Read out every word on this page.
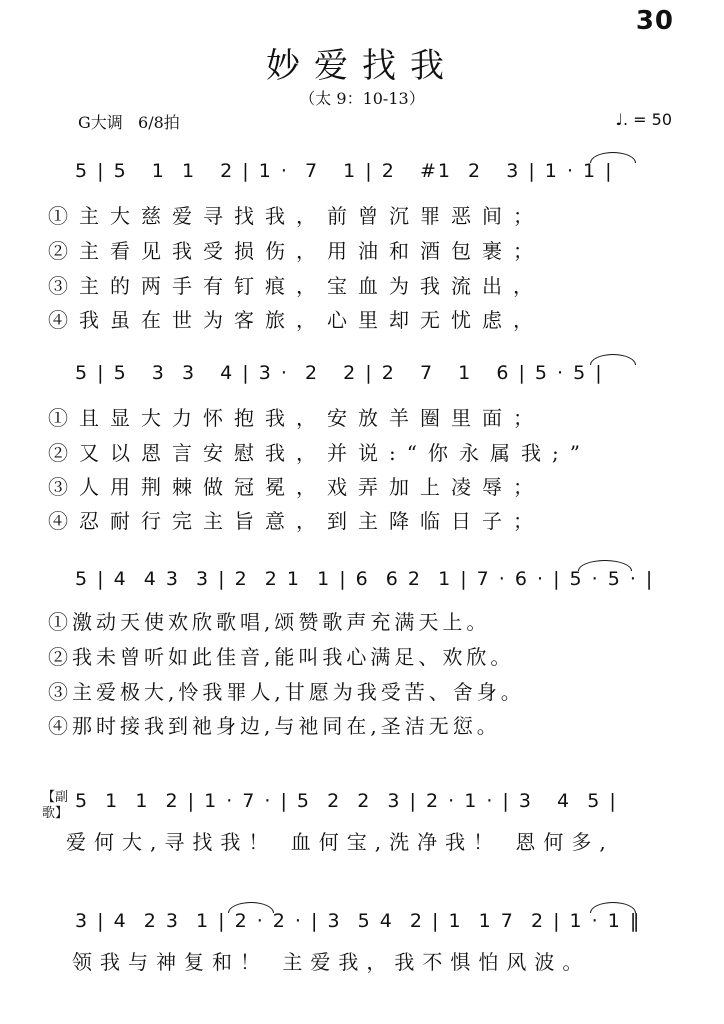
30
妙爱找我
（太 9：10-13）
G大调   6/8拍	♩. = 50
5 | 5   1  1   2 | 1 ·  7   1 | 2   #1  2   3 | 1 · 1 |
①主大慈爱寻找我，前曾沉罪恶间；
②主看见我受损伤，用油和酒包裹；
③主的两手有钉痕，宝血为我流出，
④我虽在世为客旅，心里却无忧虑，
5 | 5   3  3   4 | 3 ·  2   2 | 2   7   1   6 | 5 · 5 |
①且显大力怀抱我，安放羊圈里面；
②又以恩言安慰我，并说:“你永属我;”
③人用荆棘做冠冕，戏弄加上凌辱；
④忍耐行完主旨意，到主降临日子；
5 | 4  4 3  3 | 2  2 1  1 | 6  6 2  1 | 7 · 6 · | 5 · 5 · |
①激动天使欢欣歌唱,颂赞歌声充满天上。
②我未曾听如此佳音,能叫我心满足、欢欣。
③主爱极大,怜我罪人,甘愿为我受苦、舍身。
④那时接我到祂身边,与祂同在,圣洁无愆。
5  1  1  2 | 1 · 7 · | 5  2  2  3 | 2 · 1 · | 3   4  5 |
【副歌】
爱何大,寻找我！ 血何宝,洗净我！ 恩何多,
3 | 4  2 3  1 | 2 · 2 · | 3  5 4  2 | 1  1 7  2 | 1 · 1 ‖
领我与神复和！ 主爱我，我不惧怕风波。
